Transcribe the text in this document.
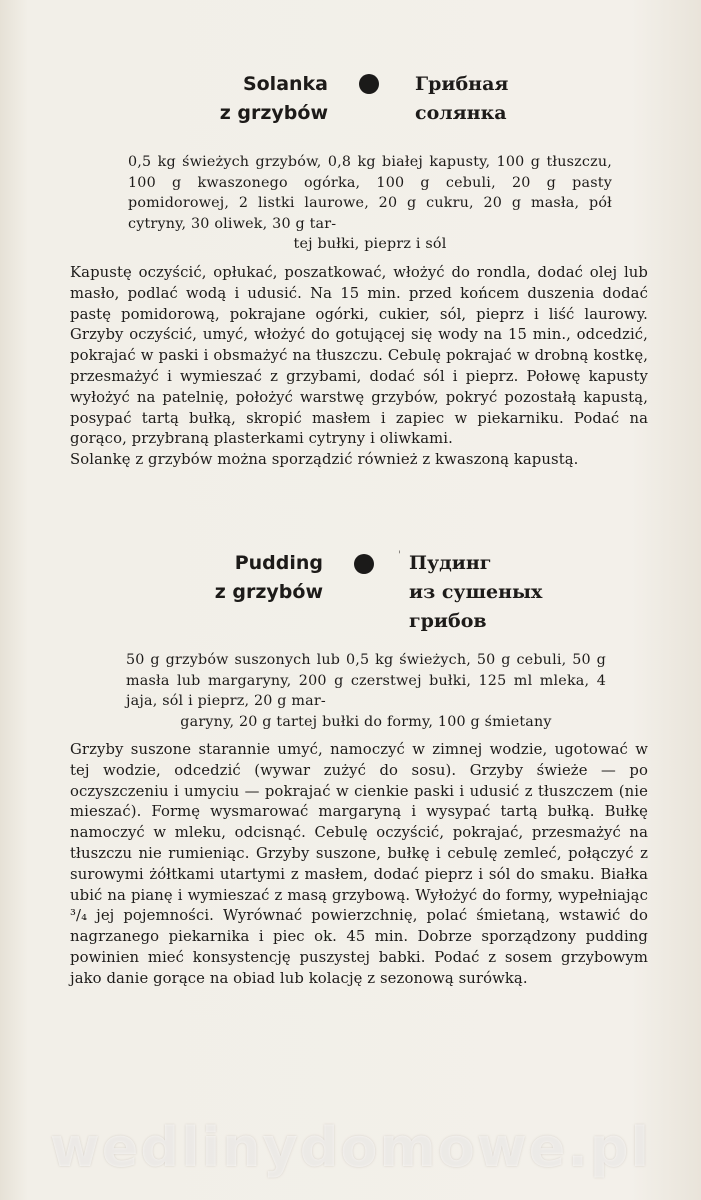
Solanka
z grzybów
Грибная
солянка
0,5 kg świeżych grzybów, 0,8 kg białej kapusty, 100 g tłuszczu, 100 g kwaszonego ogórka, 100 g cebuli, 20 g pasty pomidorowej, 2 listki laurowe, 20 g cukru, 20 g masła, pół cytryny, 30 oliwek, 30 g tar-
tej bułki, pieprz i sól

Kapustę oczyścić, opłukać, poszatkować, włożyć do rondla, dodać olej lub masło, podlać wodą i udusić. Na 15 min. przed końcem duszenia dodać pastę pomidorową, pokrajane ogórki, cukier, sól, pieprz i liść laurowy. Grzyby oczyścić, umyć, włożyć do gotującej się wody na 15 min., odcedzić, pokrajać w paski i obsmażyć na tłuszczu. Cebulę pokrajać w drobną kostkę, przesmażyć i wymieszać z grzybami, dodać sól i pieprz. Połowę kapusty wyłożyć na patelnię, położyć warstwę grzybów, pokryć pozostałą kapustą, posypać tartą bułką, skropić masłem i zapiec w piekarniku. Podać na gorąco, przybraną plasterkami cytryny i oliwkami.

Solankę z grzybów można sporządzić również z kwaszoną kapustą.

Pudding
z grzybów
' Пудинг
из сушеных
грибов
50 g grzybów suszonych lub 0,5 kg świeżych, 50 g cebuli, 50 g masła lub margaryny, 200 g czerstwej bułki, 125 ml mleka, 4 jaja, sól i pieprz, 20 g mar-
garyny, 20 g tartej bułki do formy, 100 g śmietany

Grzyby suszone starannie umyć, namoczyć w zimnej wodzie, ugotować w tej wodzie, odcedzić (wywar zużyć do sosu). Grzyby świeże — po oczyszczeniu i umyciu — pokrajać w cienkie paski i udusić z tłuszczem (nie mieszać). Formę wysmarować margaryną i wysypać tartą bułką. Bułkę namoczyć w mleku, odcisnąć. Cebulę oczyścić, pokrajać, przesmażyć na tłuszczu nie rumieniąc. Grzyby suszone, bułkę i cebulę zemleć, połączyć z surowymi żółtkami utartymi z masłem, dodać pieprz i sól do smaku. Białka ubić na pianę i wymieszać z masą grzybową. Wyłożyć do formy, wypełniając ³/₄ jej pojemności. Wyrównać powierzchnię, polać śmietaną, wstawić do nagrzanego piekarnika i piec ok. 45 min. Dobrze sporządzony pudding powinien mieć konsystencję puszystej babki. Podać z sosem grzybowym jako danie gorące na obiad lub kolację z sezonową surówką.

wedlinydomowe.pl
